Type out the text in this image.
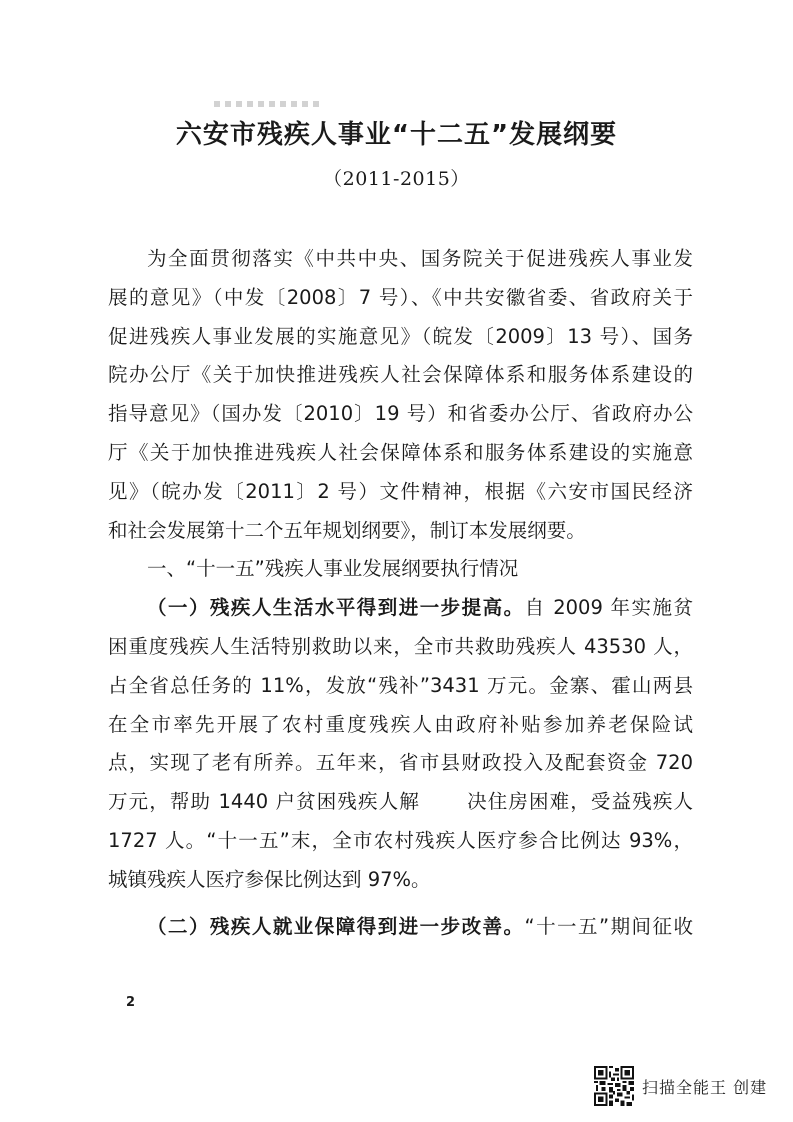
六安市残疾人事业“十二五”发展纲要
（2011-2015）
为全面贯彻落实《中共中央、国务院关于促进残疾人事业发
展的意见》（中发〔2008〕7 号）、《中共安徽省委、省政府关于
促进残疾人事业发展的实施意见》（皖发〔2009〕13 号）、国务
院办公厅《关于加快推进残疾人社会保障体系和服务体系建设的
指导意见》（国办发〔2010〕19 号）和省委办公厅、省政府办公
厅《关于加快推进残疾人社会保障体系和服务体系建设的实施意
见》（皖办发〔2011〕2 号）文件精神，根据《六安市国民经济
和社会发展第十二个五年规划纲要》，制订本发展纲要。
一、“十一五”残疾人事业发展纲要执行情况
（一）残疾人生活水平得到进一步提高。自 2009 年实施贫
困重度残疾人生活特别救助以来，全市共救助残疾人 43530 人，
占全省总任务的 11%，发放“残补”3431 万元。金寨、霍山两县
在全市率先开展了农村重度残疾人由政府补贴参加养老保险试
点，实现了老有所养。五年来，省市县财政投入及配套资金 720
万元，帮助 1440 户贫困残疾人解 决住房困难，受益残疾人
1727 人。“十一五”末，全市农村残疾人医疗参合比例达 93%，
城镇残疾人医疗参保比例达到 97%。
（二）残疾人就业保障得到进一步改善。“十一五”期间征收
2
扫描全能王 创建
